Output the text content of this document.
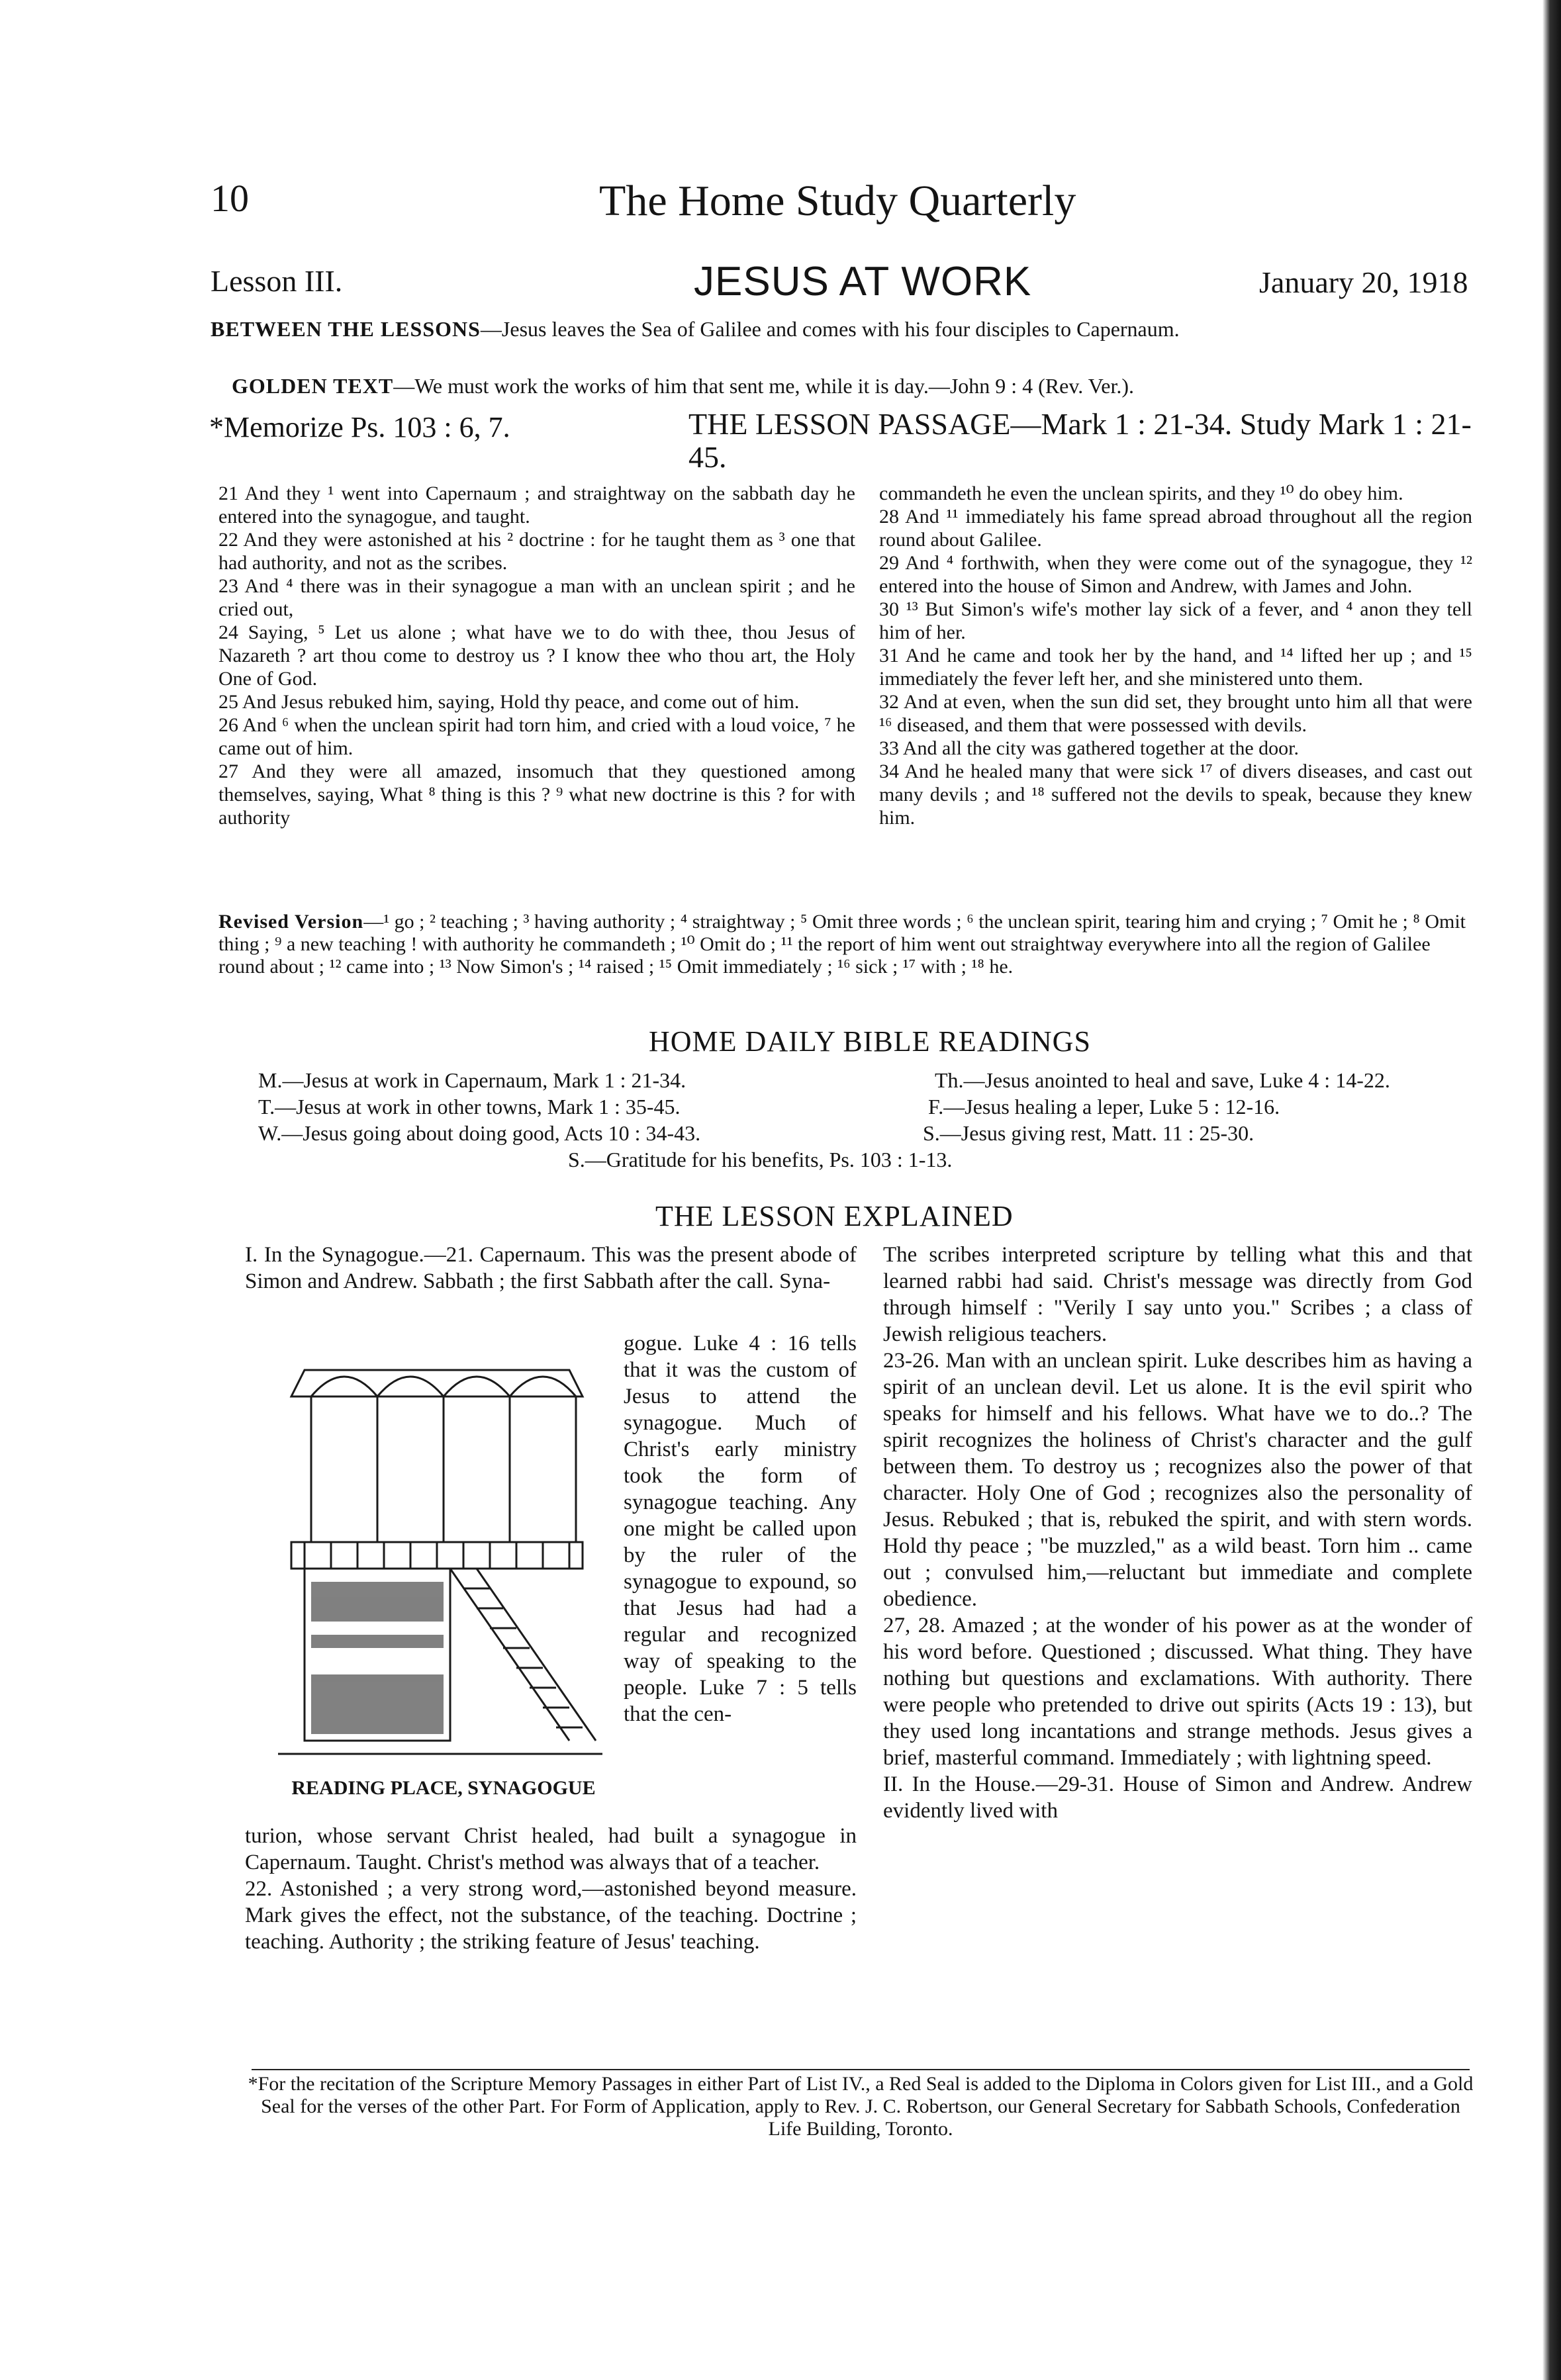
10	The Home Study Quarterly
Lesson III.	JESUS AT WORK	January 20, 1918
BETWEEN THE LESSONS—Jesus leaves the Sea of Galilee and comes with his four disciples to Capernaum.
GOLDEN TEXT—We must work the works of him that sent me, while it is day.—John 9 : 4 (Rev. Ver.).
*Memorize Ps. 103 : 6, 7.	THE LESSON PASSAGE—Mark 1 : 21-34. Study Mark 1 : 21-45.

21 And they ¹ went into Capernaum ; and straightway on the sabbath day he entered into the synagogue, and taught.

22 And they were astonished at his ² doctrine : for he taught them as ³ one that had authority, and not as the scribes.

23 And ⁴ there was in their synagogue a man with an unclean spirit ; and he cried out,

24 Saying, ⁵ Let us alone ; what have we to do with thee, thou Jesus of Nazareth ? art thou come to destroy us ? I know thee who thou art, the Holy One of God.

25 And Jesus rebuked him, saying, Hold thy peace, and come out of him.

26 And ⁶ when the unclean spirit had torn him, and cried with a loud voice, ⁷ he came out of him.

27 And they were all amazed, insomuch that they questioned among themselves, saying, What ⁸ thing is this ? ⁹ what new doctrine is this ? for with authority

commandeth he even the unclean spirits, and they ¹⁰ do obey him.

28 And ¹¹ immediately his fame spread abroad throughout all the region round about Galilee.

29 And ⁴ forthwith, when they were come out of the synagogue, they ¹² entered into the house of Simon and Andrew, with James and John.

30 ¹³ But Simon's wife's mother lay sick of a fever, and ⁴ anon they tell him of her.

31 And he came and took her by the hand, and ¹⁴ lifted her up ; and ¹⁵ immediately the fever left her, and she ministered unto them.

32 And at even, when the sun did set, they brought unto him all that were ¹⁶ diseased, and them that were possessed with devils.

33 And all the city was gathered together at the door.

34 And he healed many that were sick ¹⁷ of divers diseases, and cast out many devils ; and ¹⁸ suffered not the devils to speak, because they knew him.

Revised Version—¹ go ; ² teaching ; ³ having authority ; ⁴ straightway ; ⁵ Omit three words ; ⁶ the unclean spirit, tearing him and crying ; ⁷ Omit he ; ⁸ Omit thing ; ⁹ a new teaching ! with authority he commandeth ; ¹⁰ Omit do ; ¹¹ the report of him went out straightway everywhere into all the region of Galilee round about ; ¹² came into ; ¹³ Now Simon's ; ¹⁴ raised ; ¹⁵ Omit immediately ; ¹⁶ sick ; ¹⁷ with ; ¹⁸ he.
HOME DAILY BIBLE READINGS
M.—Jesus at work in Capernaum, Mark 1 : 21-34.	Th.—Jesus anointed to heal and save, Luke 4 : 14-22.
T.—Jesus at work in other towns, Mark 1 : 35-45.	F.—Jesus healing a leper, Luke 5 : 12-16.
W.—Jesus going about doing good, Acts 10 : 34-43.	S.—Jesus giving rest, Matt. 11 : 25-30.
S.—Gratitude for his benefits, Ps. 103 : 1-13.
THE LESSON EXPLAINED

I. In the Synagogue.—21. Capernaum. This was the present abode of Simon and Andrew. Sabbath ; the first Sabbath after the call. Syna-

READING PLACE, SYNAGOGUE

gogue. Luke 4 : 16 tells that it was the custom of Jesus to attend the synagogue. Much of Christ's early ministry took the form of synagogue teaching. Any one might be called upon by the ruler of the synagogue to expound, so that Jesus had had a regular and recognized way of speaking to the people. Luke 7 : 5 tells that the cen-

turion, whose servant Christ healed, had built a synagogue in Capernaum. Taught. Christ's method was always that of a teacher.
22. Astonished ; a very strong word,—astonished beyond measure. Mark gives the effect, not the substance, of the teaching. Doctrine ; teaching. Authority ; the striking feature of Jesus' teaching.

The scribes interpreted scripture by telling what this and that learned rabbi had said. Christ's message was directly from God through himself : "Verily I say unto you." Scribes ; a class of Jewish religious teachers.
23-26. Man with an unclean spirit. Luke describes him as having a spirit of an unclean devil. Let us alone. It is the evil spirit who speaks for himself and his fellows. What have we to do..? The spirit recognizes the holiness of Christ's character and the gulf between them. To destroy us ; recognizes also the power of that character. Holy One of God ; recognizes also the personality of Jesus. Rebuked ; that is, rebuked the spirit, and with stern words. Hold thy peace ; "be muzzled," as a wild beast. Torn him .. came out ; convulsed him,—reluctant but immediate and complete obedience.
27, 28. Amazed ; at the wonder of his power as at the wonder of his word before. Questioned ; discussed. What thing. They have nothing but questions and exclamations. With authority. There were people who pretended to drive out spirits (Acts 19 : 13), but they used long incantations and strange methods. Jesus gives a brief, masterful command. Immediately ; with lightning speed.
II. In the House.—29-31. House of Simon and Andrew. Andrew evidently lived with

*For the recitation of the Scripture Memory Passages in either Part of List IV., a Red Seal is added to the Diploma in Colors given for List III., and a Gold Seal for the verses of the other Part. For Form of Application, apply to Rev. J. C. Robertson, our General Secretary for Sabbath Schools, Confederation Life Building, Toronto.
